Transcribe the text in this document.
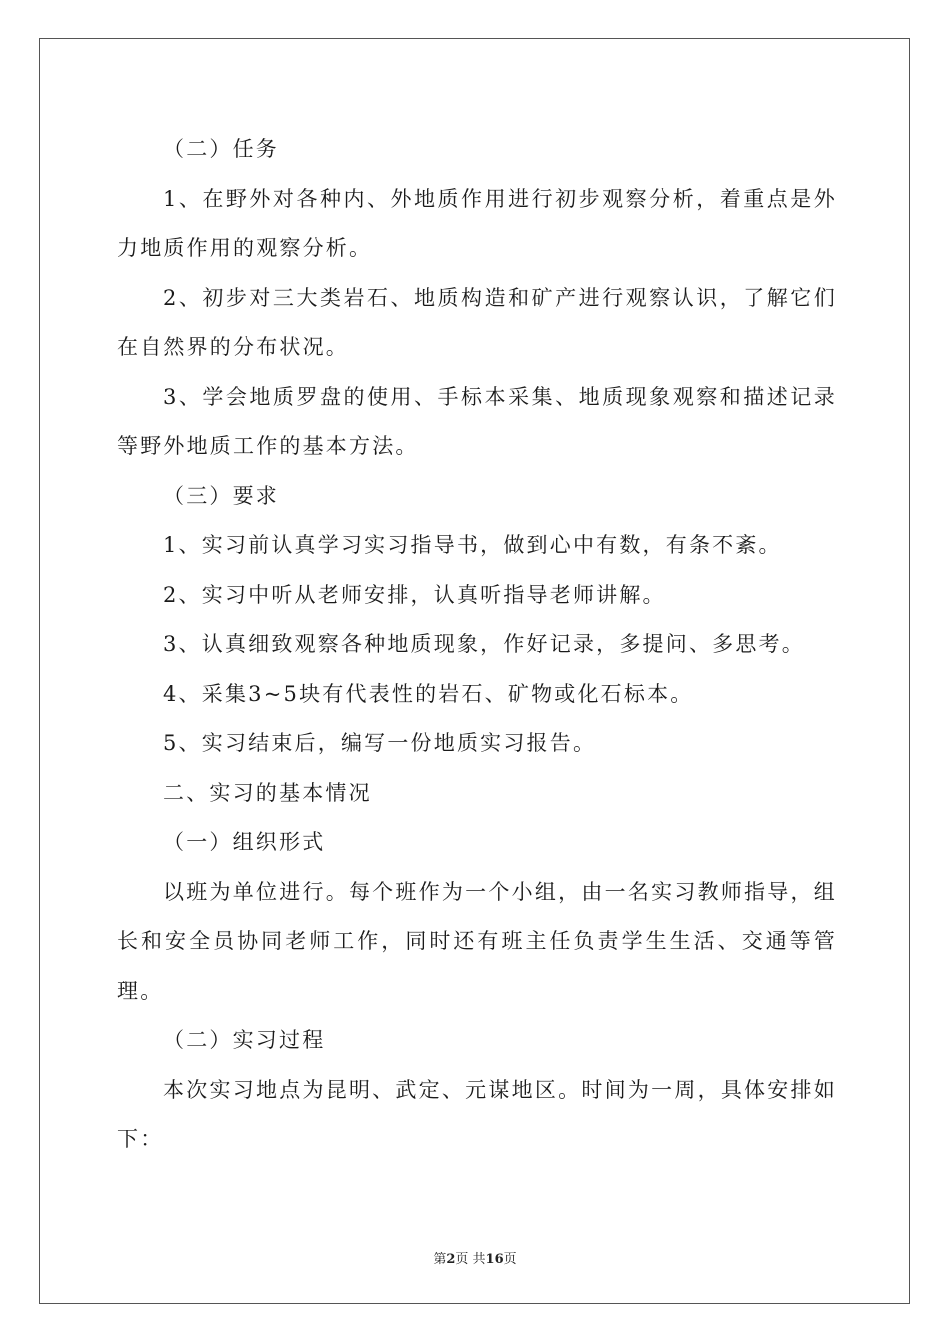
（二）任务

1、在野外对各种内、外地质作用进行初步观察分析，着重点是外力地质作用的观察分析。

2、初步对三大类岩石、地质构造和矿产进行观察认识，了解它们在自然界的分布状况。

3、学会地质罗盘的使用、手标本采集、地质现象观察和描述记录等野外地质工作的基本方法。

（三）要求

1、实习前认真学习实习指导书，做到心中有数，有条不紊。

2、实习中听从老师安排，认真听指导老师讲解。

3、认真细致观察各种地质现象，作好记录，多提问、多思考。

4、采集3~5块有代表性的岩石、矿物或化石标本。

5、实习结束后，编写一份地质实习报告。

二、实习的基本情况

（一）组织形式

以班为单位进行。每个班作为一个小组，由一名实习教师指导，组长和安全员协同老师工作，同时还有班主任负责学生生活、交通等管理。

（二）实习过程

本次实习地点为昆明、武定、元谋地区。时间为一周，具体安排如下：

第2页 共16页
